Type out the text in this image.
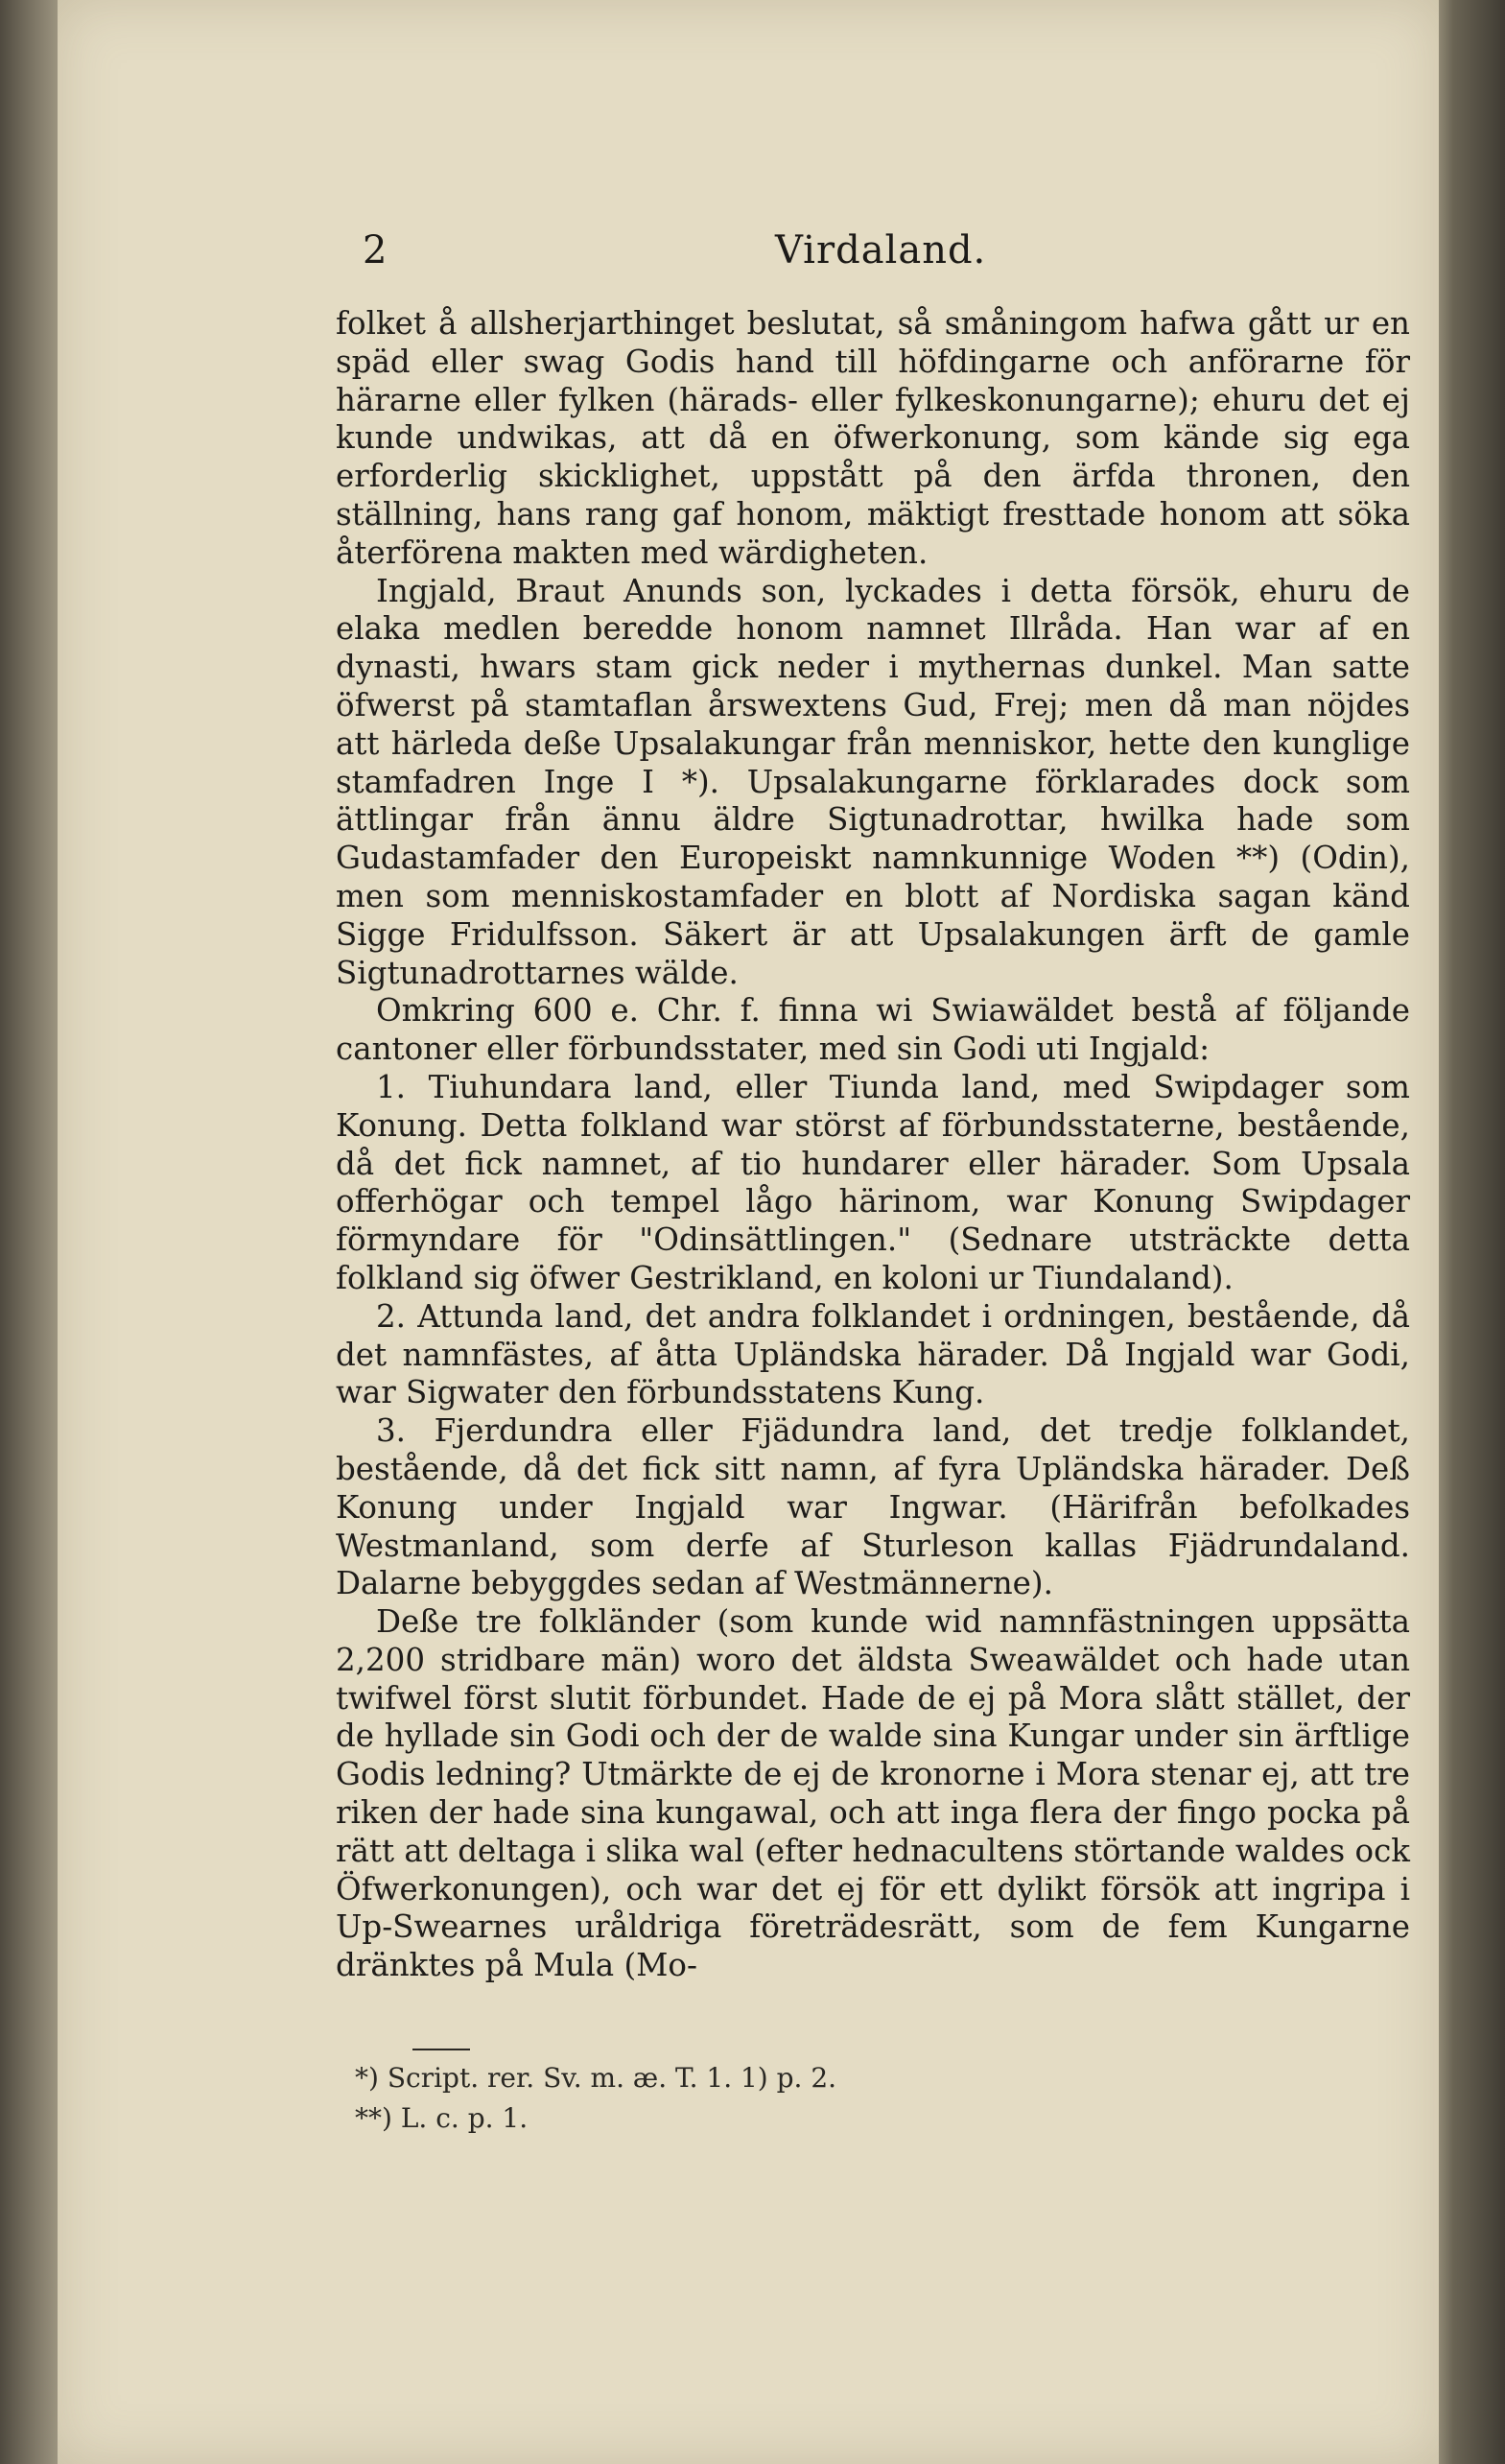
2	Virdaland.

folket å allsherjarthinget beslutat, så småningom hafwa gått ur en späd eller swag Godis hand till höfdingarne och anförarne för härarne eller fylken (härads- eller fylkeskonungarne); ehuru det ej kunde undwikas, att då en öfwerkonung, som kände sig ega erforderlig skicklighet, uppstått på den ärfda thronen, den ställning, hans rang gaf honom, mäktigt fresttade honom att söka återförena makten med wärdigheten.

Ingjald, Braut Anunds son, lyckades i detta försök, ehuru de elaka medlen beredde honom namnet Illråda. Han war af en dynasti, hwars stam gick neder i mythernas dunkel. Man satte öfwerst på stamtaflan årswextens Gud, Frej; men då man nöjdes att härleda deße Upsalakungar från menniskor, hette den kunglige stamfadren Inge I *). Upsalakungarne förklarades dock som ättlingar från ännu äldre Sigtunadrottar, hwilka hade som Gudastamfader den Europeiskt namnkunnige Woden **) (Odin), men som menniskostamfader en blott af Nordiska sagan känd Sigge Fridulfsson. Säkert är att Upsalakungen ärft de gamle Sigtunadrottarnes wälde.

Omkring 600 e. Chr. f. finna wi Swiawäldet bestå af följande cantoner eller förbundsstater, med sin Godi uti Ingjald:

1. Tiuhundara land, eller Tiunda land, med Swipdager som Konung. Detta folkland war störst af förbundsstaterne, bestående, då det fick namnet, af tio hundarer eller härader. Som Upsala offerhögar och tempel lågo härinom, war Konung Swipdager förmyndare för "Odinsättlingen." (Sednare utsträckte detta folkland sig öfwer Gestrikland, en koloni ur Tiundaland).

2. Attunda land, det andra folklandet i ordningen, bestående, då det namnfästes, af åtta Upländska härader. Då Ingjald war Godi, war Sigwater den förbundsstatens Kung.

3. Fjerdundra eller Fjädundra land, det tredje folklandet, bestående, då det fick sitt namn, af fyra Upländska härader. Deß Konung under Ingjald war Ingwar. (Härifrån befolkades Westmanland, som derfe af Sturleson kallas Fjädrundaland. Dalarne bebyggdes sedan af Westmännerne).

Deße tre folkländer (som kunde wid namnfästningen uppsätta 2,200 stridbare män) woro det äldsta Sweawäldet och hade utan twifwel först slutit förbundet. Hade de ej på Mora slått stället, der de hyllade sin Godi och der de walde sina Kungar under sin ärftlige Godis ledning? Utmärkte de ej de kronorne i Mora stenar ej, att tre riken der hade sina kungawal, och att inga flera der fingo pocka på rätt att deltaga i slika wal (efter hednacultens störtande waldes ock Öfwerkonungen), och war det ej för ett dylikt försök att ingripa i Up-Swearnes uråldriga företrädesrätt, som de fem Kungarne dränktes på Mula (Mo-

*) Script. rer. Sv. m. æ. T. 1. 1) p. 2.
**) L. c. p. 1.
